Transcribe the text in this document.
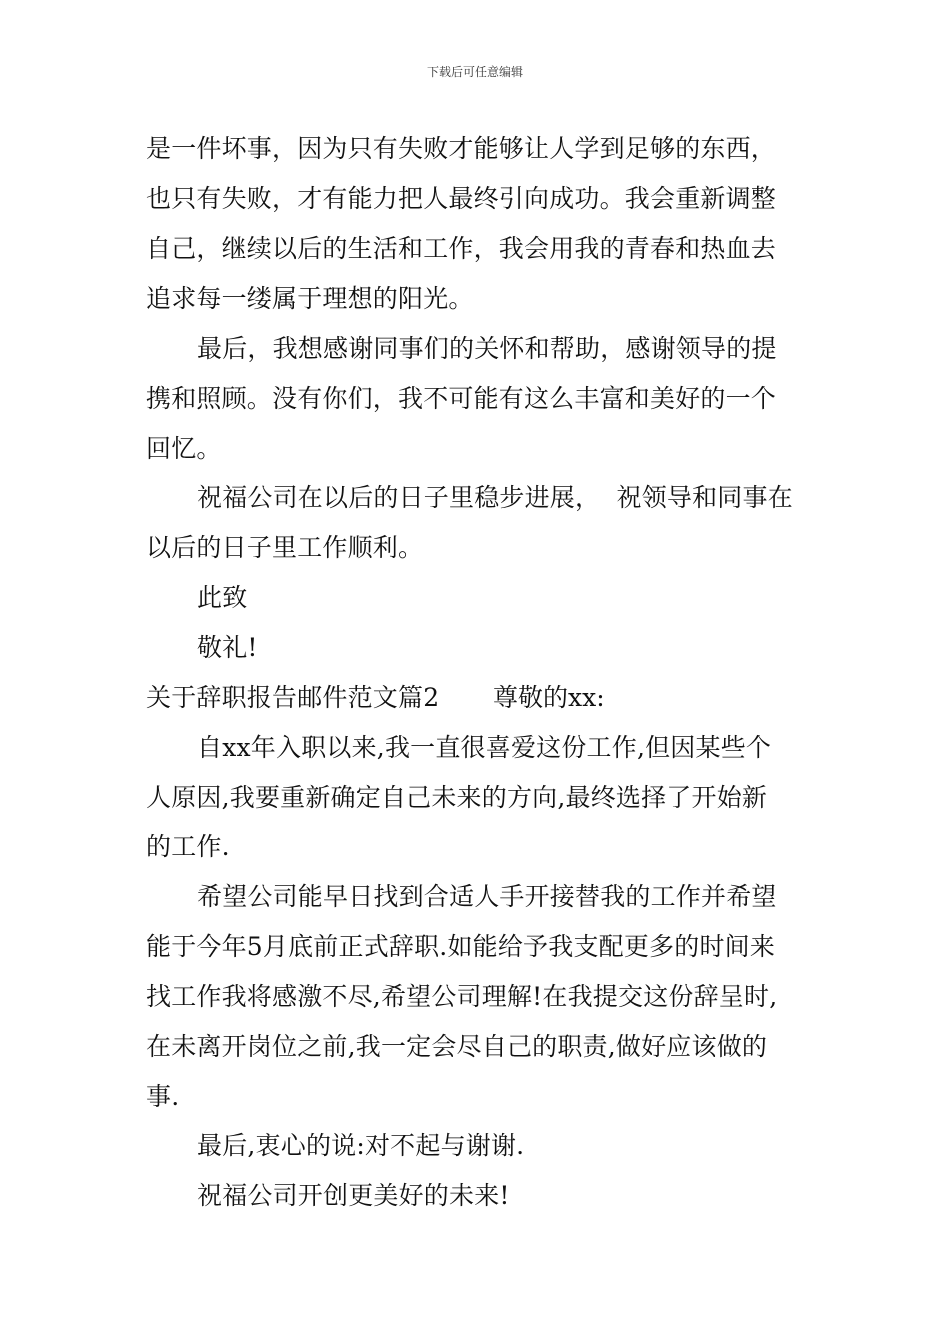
下载后可任意编辑
是一件坏事，因为只有失败才能够让人学到足够的东西，
也只有失败，才有能力把人最终引向成功。我会重新调整
自己，继续以后的生活和工作，我会用我的青春和热血去
追求每一缕属于理想的阳光。
最后，我想感谢同事们的关怀和帮助，感谢领导的提
携和照顾。没有你们，我不可能有这么丰富和美好的一个
回忆。
祝福公司在以后的日子里稳步进展，  祝领导和同事在
以后的日子里工作顺利。
此致
敬礼!
关于辞职报告邮件范文篇2 尊敬的xx:
自xx年入职以来,我一直很喜爱这份工作,但因某些个
人原因,我要重新确定自己未来的方向,最终选择了开始新
的工作.
希望公司能早日找到合适人手开接替我的工作并希望
能于今年5月底前正式辞职.如能给予我支配更多的时间来
找工作我将感激不尽,希望公司理解!在我提交这份辞呈时,
在未离开岗位之前,我一定会尽自己的职责,做好应该做的
事.
最后,衷心的说:对不起与谢谢.
祝福公司开创更美好的未来!
